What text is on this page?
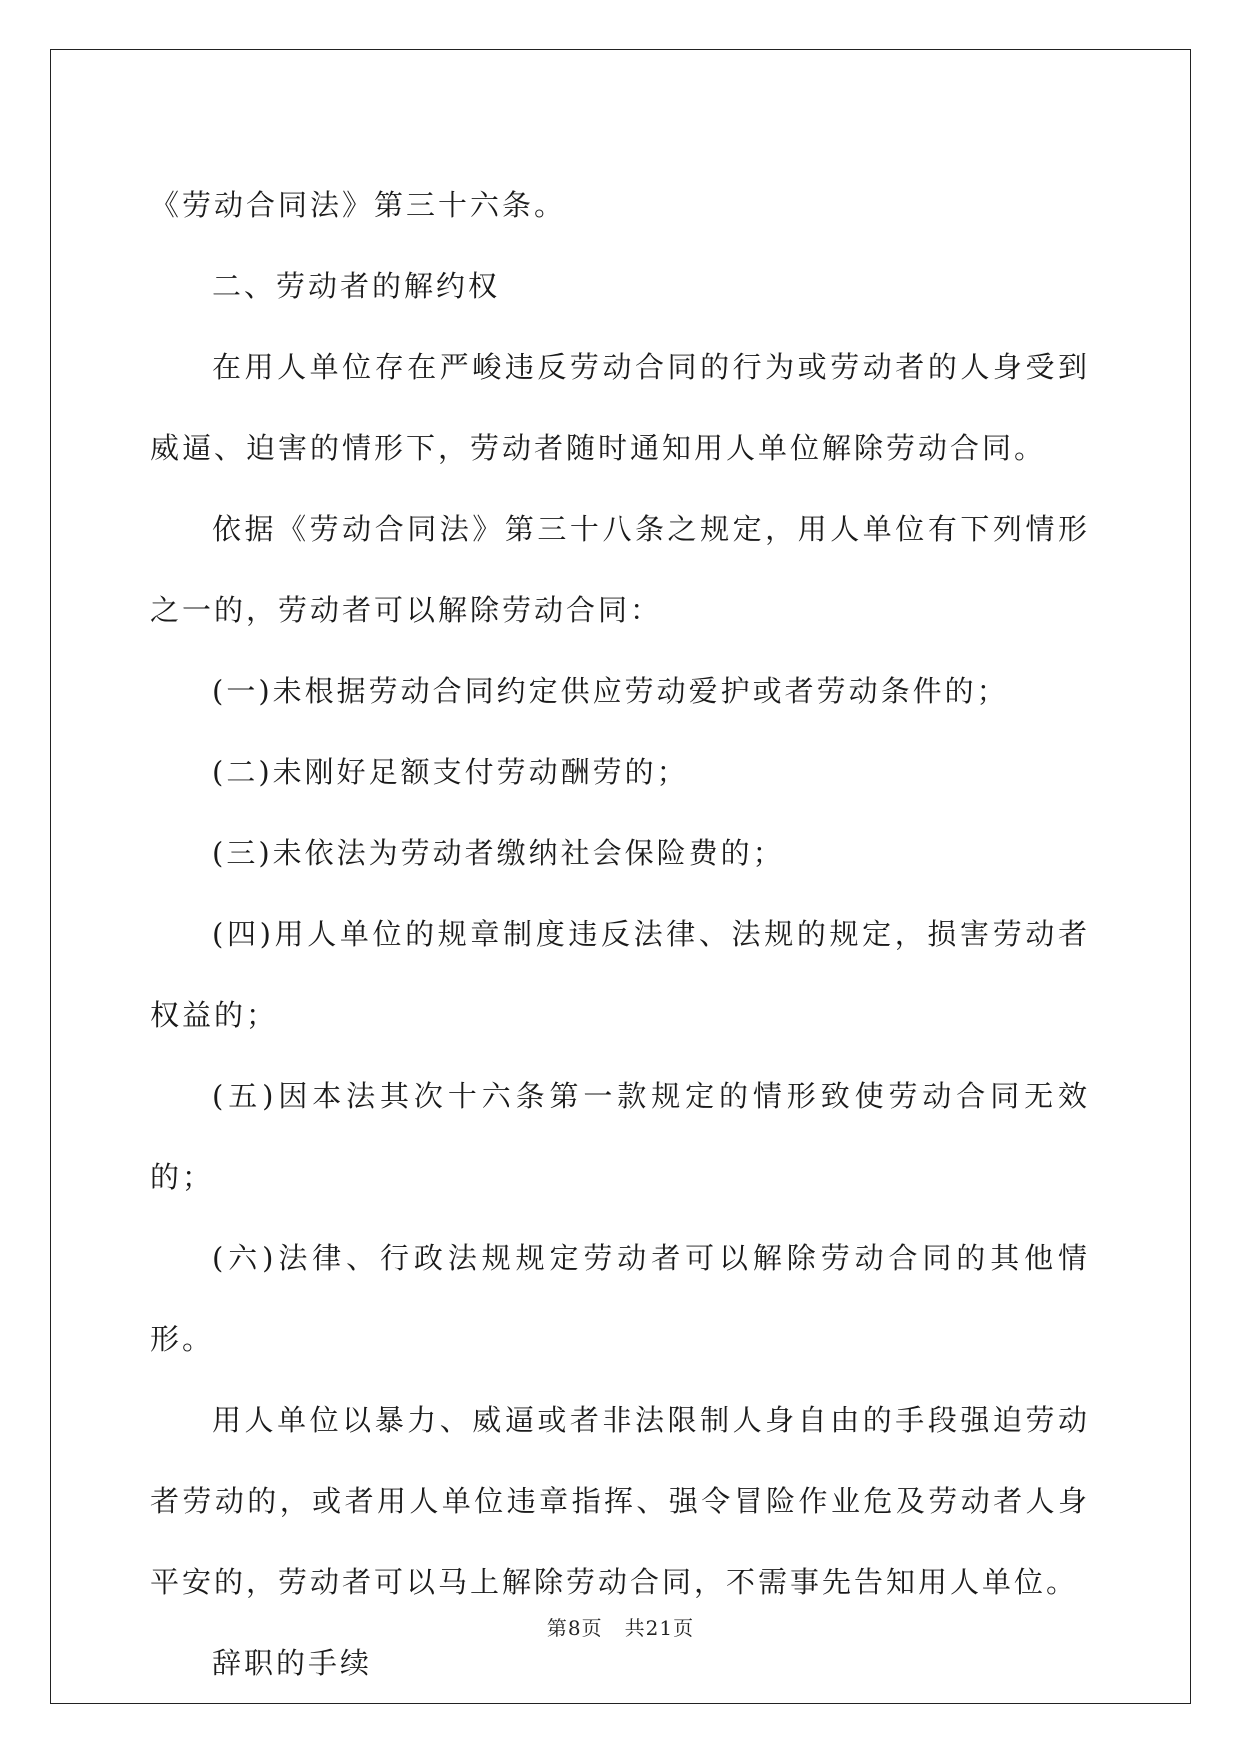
《劳动合同法》第三十六条。

二、劳动者的解约权

在用人单位存在严峻违反劳动合同的行为或劳动者的人身受到威逼、迫害的情形下，劳动者随时通知用人单位解除劳动合同。

依据《劳动合同法》第三十八条之规定，用人单位有下列情形之一的，劳动者可以解除劳动合同：

(一)未根据劳动合同约定供应劳动爱护或者劳动条件的；

(二)未刚好足额支付劳动酬劳的；

(三)未依法为劳动者缴纳社会保险费的；

(四)用人单位的规章制度违反法律、法规的规定，损害劳动者权益的；

(五)因本法其次十六条第一款规定的情形致使劳动合同无效的；

(六)法律、行政法规规定劳动者可以解除劳动合同的其他情形。

用人单位以暴力、威逼或者非法限制人身自由的手段强迫劳动者劳动的，或者用人单位违章指挥、强令冒险作业危及劳动者人身平安的，劳动者可以马上解除劳动合同，不需事先告知用人单位。

辞职的手续

第8页 共21页
